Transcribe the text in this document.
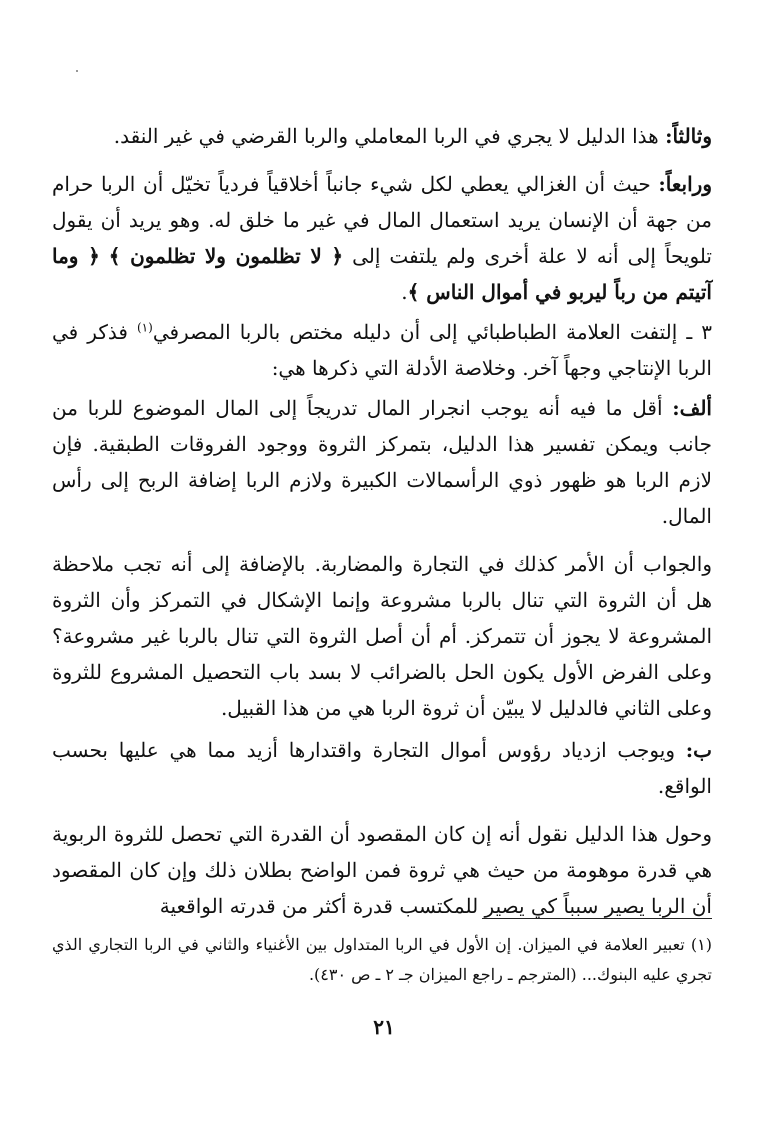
وثالثاً: هذا الدليل لا يجري في الربا المعاملي والربا القرضي في غير النقد.

ورابعاً: حيث أن الغزالي يعطي لكل شيء جانباً أخلاقياً فردياً تخيّل أن الربا حرام من جهة أن الإنسان يريد استعمال المال في غير ما خلق له. وهو يريد أن يقول تلويحاً إلى أنه لا علة أخرى ولم يلتفت إلى ﴿ لا تظلمون ولا تظلمون ﴾ ﴿ وما آتيتم من رباً ليربو في أموال الناس ﴾.

٣ ـ إلتفت العلامة الطباطبائي إلى أن دليله مختص بالربا المصرفي$^{(١)}$ فذكر في الربا الإنتاجي وجهاً آخر. وخلاصة الأدلة التي ذكرها هي:

ألف: أقل ما فيه أنه يوجب انجرار المال تدريجاً إلى المال الموضوع للربا من جانب ويمكن تفسير هذا الدليل، بتمركز الثروة ووجود الفروقات الطبقية. فإن لازم الربا هو ظهور ذوي الرأسمالات الكبيرة ولازم الربا إضافة الربح إلى رأس المال.

والجواب أن الأمر كذلك في التجارة والمضاربة. بالإضافة إلى أنه تجب ملاحظة هل أن الثروة التي تنال بالربا مشروعة وإنما الإشكال في التمركز وأن الثروة المشروعة لا يجوز أن تتمركز. أم أن أصل الثروة التي تنال بالربا غير مشروعة؟ وعلى الفرض الأول يكون الحل بالضرائب لا بسد باب التحصيل المشروع للثروة وعلى الثاني فالدليل لا يبيّن أن ثروة الربا هي من هذا القبيل.

ب: ويوجب ازدياد رؤوس أموال التجارة واقتدارها أزيد مما هي عليها بحسب الواقع.

وحول هذا الدليل نقول أنه إن كان المقصود أن القدرة التي تحصل للثروة الربوية هي قدرة موهومة من حيث هي ثروة فمن الواضح بطلان ذلك وإن كان المقصود أن الربا يصير سبباً كي يصير للمكتسب قدرة أكثر من قدرته الواقعية

(١) تعبير العلامة في الميزان. إن الأول في الربا المتداول بين الأغنياء والثاني في الربا التجاري الذي تجري عليه البنوك... (المترجم ـ راجع الميزان جـ ٢ ـ ص ٤٣٠).

٢١
